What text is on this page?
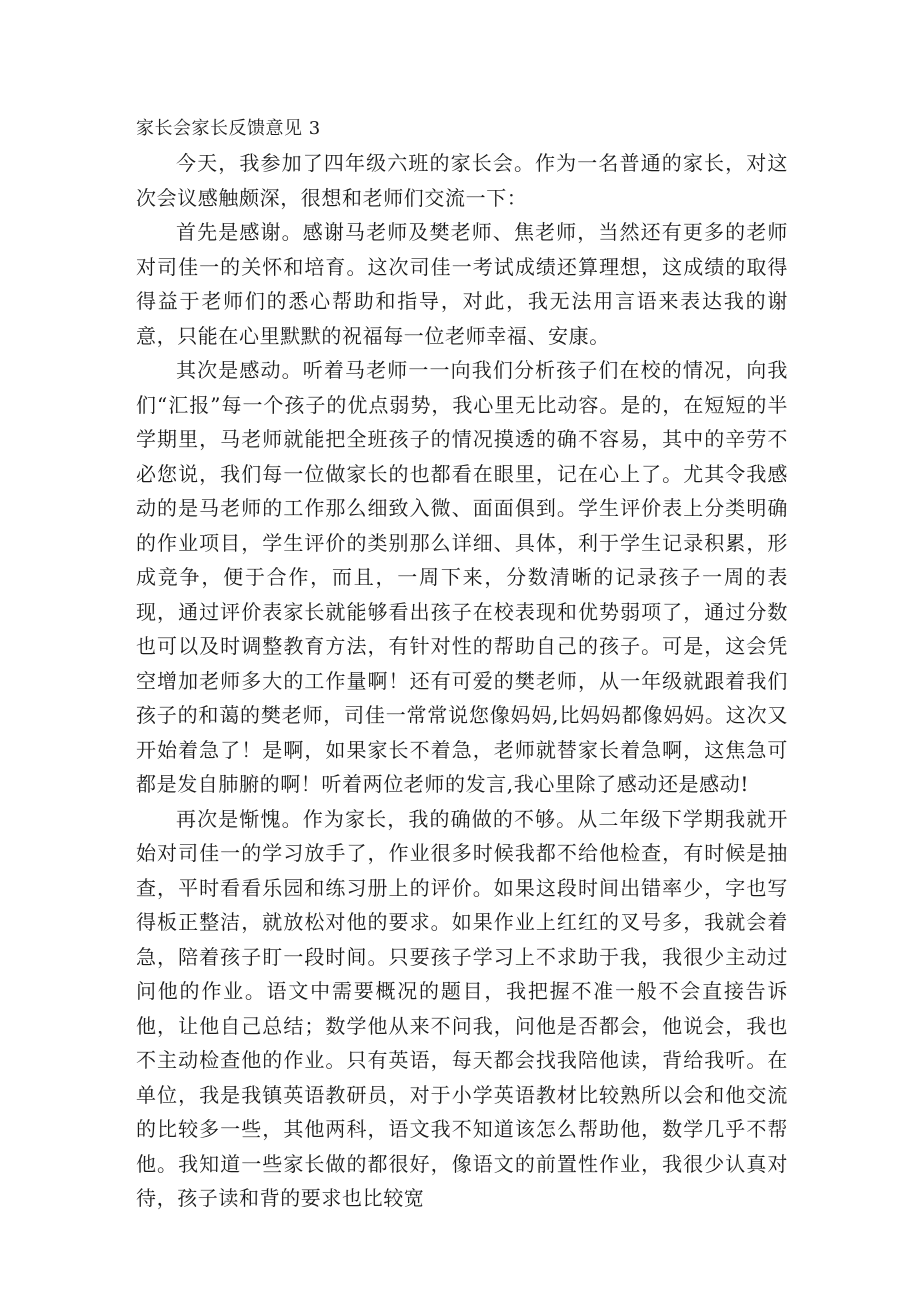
家长会家长反馈意见 3

今天，我参加了四年级六班的家长会。作为一名普通的家长，对这次会议感触颇深，很想和老师们交流一下：

首先是感谢。感谢马老师及樊老师、焦老师，当然还有更多的老师对司佳一的关怀和培育。这次司佳一考试成绩还算理想，这成绩的取得得益于老师们的悉心帮助和指导，对此，我无法用言语来表达我的谢意，只能在心里默默的祝福每一位老师幸福、安康。

其次是感动。听着马老师一一向我们分析孩子们在校的情况，向我们“汇报”每一个孩子的优点弱势，我心里无比动容。是的，在短短的半学期里，马老师就能把全班孩子的情况摸透的确不容易，其中的辛劳不必您说，我们每一位做家长的也都看在眼里，记在心上了。尤其令我感动的是马老师的工作那么细致入微、面面俱到。学生评价表上分类明确的作业项目，学生评价的类别那么详细、具体，利于学生记录积累，形成竞争，便于合作，而且，一周下来，分数清晰的记录孩子一周的表现，通过评价表家长就能够看出孩子在校表现和优势弱项了，通过分数也可以及时调整教育方法，有针对性的帮助自己的孩子。可是，这会凭空增加老师多大的工作量啊！还有可爱的樊老师，从一年级就跟着我们孩子的和蔼的樊老师，司佳一常常说您像妈妈,比妈妈都像妈妈。这次又开始着急了！是啊，如果家长不着急，老师就替家长着急啊，这焦急可都是发自肺腑的啊！听着两位老师的发言,我心里除了感动还是感动!

再次是惭愧。作为家长，我的确做的不够。从二年级下学期我就开始对司佳一的学习放手了，作业很多时候我都不给他检查，有时候是抽查，平时看看乐园和练习册上的评价。如果这段时间出错率少，字也写得板正整洁，就放松对他的要求。如果作业上红红的叉号多，我就会着急，陪着孩子盯一段时间。只要孩子学习上不求助于我，我很少主动过问他的作业。语文中需要概况的题目，我把握不准一般不会直接告诉他，让他自己总结；数学他从来不问我，问他是否都会，他说会，我也不主动检查他的作业。只有英语，每天都会找我陪他读，背给我听。在单位，我是我镇英语教研员，对于小学英语教材比较熟所以会和他交流的比较多一些，其他两科，语文我不知道该怎么帮助他，数学几乎不帮他。我知道一些家长做的都很好，像语文的前置性作业，我很少认真对待，孩子读和背的要求也比较宽
